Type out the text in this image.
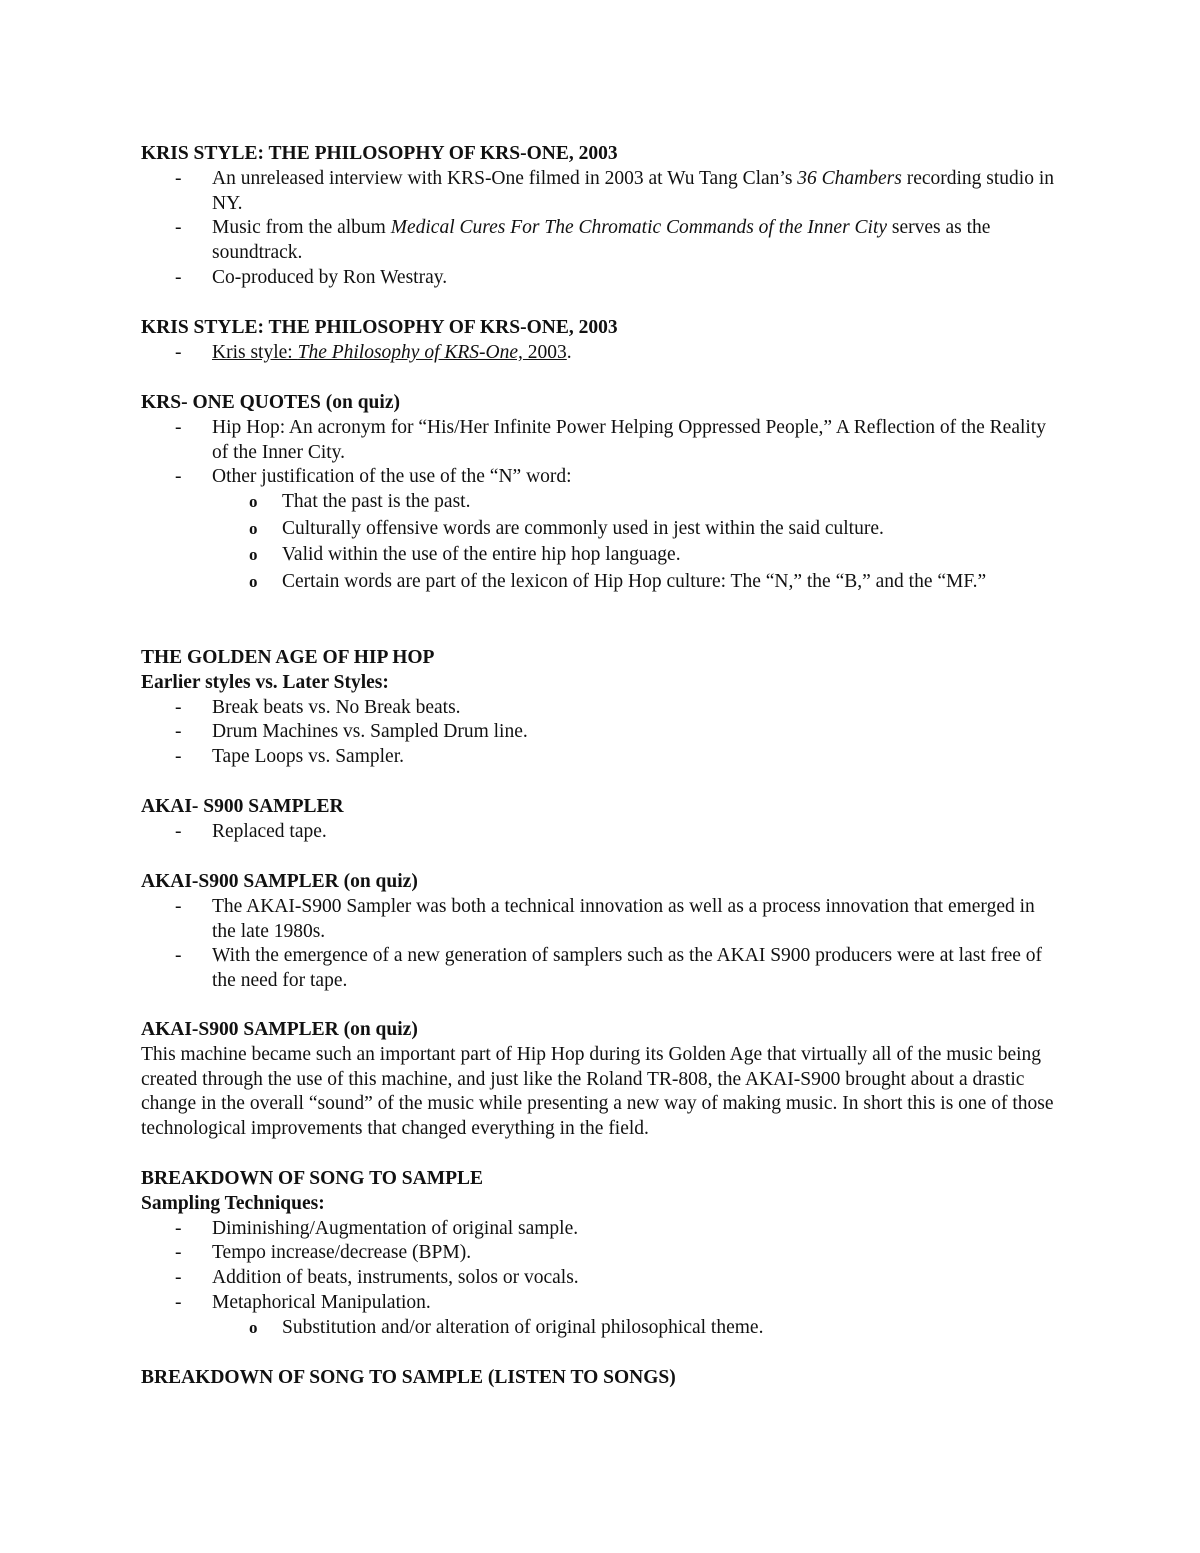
KRIS STYLE: THE PHILOSOPHY OF KRS-ONE, 2003
- An unreleased interview with KRS-One filmed in 2003 at Wu Tang Clan’s 36 Chambers recording studio in NY.
- Music from the album Medical Cures For The Chromatic Commands of the Inner City serves as the soundtrack.
- Co-produced by Ron Westray.
KRIS STYLE: THE PHILOSOPHY OF KRS-ONE, 2003
- Kris style: The Philosophy of KRS-One, 2003.
KRS- ONE QUOTES (on quiz)
- Hip Hop: An acronym for “His/Her Infinite Power Helping Oppressed People,” A Reflection of the Reality of the Inner City.
- Other justification of the use of the “N” word:
o That the past is the past.
o Culturally offensive words are commonly used in jest within the said culture.
o Valid within the use of the entire hip hop language.
o Certain words are part of the lexicon of Hip Hop culture: The “N,” the “B,” and the “MF.”
THE GOLDEN AGE OF HIP HOP
Earlier styles vs. Later Styles:
- Break beats vs. No Break beats.
- Drum Machines vs. Sampled Drum line.
- Tape Loops vs. Sampler.
AKAI- S900 SAMPLER
- Replaced tape.
AKAI-S900 SAMPLER (on quiz)
- The AKAI-S900 Sampler was both a technical innovation as well as a process innovation that emerged in the late 1980s.
- With the emergence of a new generation of samplers such as the AKAI S900 producers were at last free of the need for tape.
AKAI-S900 SAMPLER (on quiz)
This machine became such an important part of Hip Hop during its Golden Age that virtually all of the music being created through the use of this machine, and just like the Roland TR-808, the AKAI-S900 brought about a drastic change in the overall “sound” of the music while presenting a new way of making music. In short this is one of those technological improvements that changed everything in the field.
BREAKDOWN OF SONG TO SAMPLE
Sampling Techniques:
- Diminishing/Augmentation of original sample.
- Tempo increase/decrease (BPM).
- Addition of beats, instruments, solos or vocals.
- Metaphorical Manipulation.
o Substitution and/or alteration of original philosophical theme.
BREAKDOWN OF SONG TO SAMPLE (LISTEN TO SONGS)
